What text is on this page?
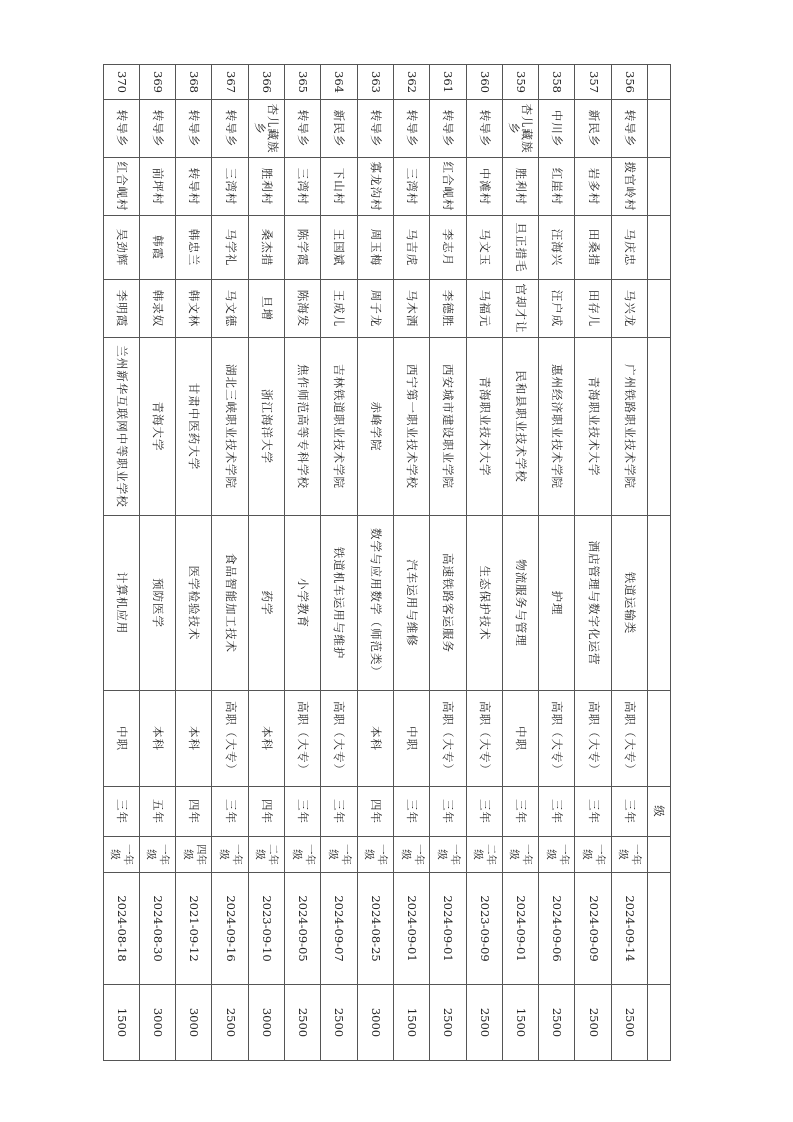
								级			
356	转导乡	拨官岭村	马庆忠	马兴龙	广州铁路职业技术学院	铁道运输类	高职（大专）	三年	一年级	2024-09-14	2500
357	新民乡	岩多村	田桑措	田存儿	青海职业技术大学	酒店管理与数字化运营	高职（大专）	三年	一年级	2024-09-09	2500
358	中川乡	红崖村	汪海兴	汪户成	惠州经济职业技术学院	护理	高职（大专）	三年	一年级	2024-09-06	2500
359	杏儿藏族乡	胜利村	旦正措毛	官却才让	民和县职业技术学校	物流服务与管理	中职	三年	一年级	2024-09-01	1500
360	转导乡	中滩村	马文玉	马福元	青海职业技术大学	生态保护技术	高职（大专）	三年	二年级	2023-09-09	2500
361	转导乡	红合岘村	李志月	李德胜	西安城市建设职业学院	高速铁路客运服务	高职（大专）	三年	一年级	2024-09-01	2500
362	转导乡	三湾村	马吉虎	马木洒	西宁第一职业技术学校	汽车运用与维修	中职	三年	一年级	2024-09-01	1500
363	转导乡	寡龙沟村	周玉梅	周子龙	赤峰学院	数学与应用数学（师范类）	本科	四年	一年级	2024-08-25	3000
364	新民乡	下山村	王国斌	王成儿	吉林铁道职业技术学院	铁道机车运用与维护	高职（大专）	三年	一年级	2024-09-07	2500
365	转导乡	三湾村	陈学霞	陈海发	焦作师范高等专科学校	小学教育	高职（大专）	三年	一年级	2024-09-05	2500
366	杏儿藏族乡	胜利村	桑杰措	旦增	浙江海洋大学	药学	本科	四年	二年级	2023-09-10	3000
367	转导乡	三湾村	马学礼	马文德	湖北三峡职业技术学院	食品智能加工技术	高职（大专）	三年	一年级	2024-09-16	2500
368	转导乡	转导村	韩忠兰	韩文林	甘肃中医药大学	医学检验技术	本科	四年	四年级	2021-09-12	3000
369	转导乡	前坪村	韩霞	韩录奴	青海大学	预防医学	本科	五年	一年级	2024-08-30	3000
370	转导乡	红合岘村	吴劲辉	李明霞	兰州新华互联网中等职业学校	计算机应用	中职	三年	一年级	2024-08-18	1500
